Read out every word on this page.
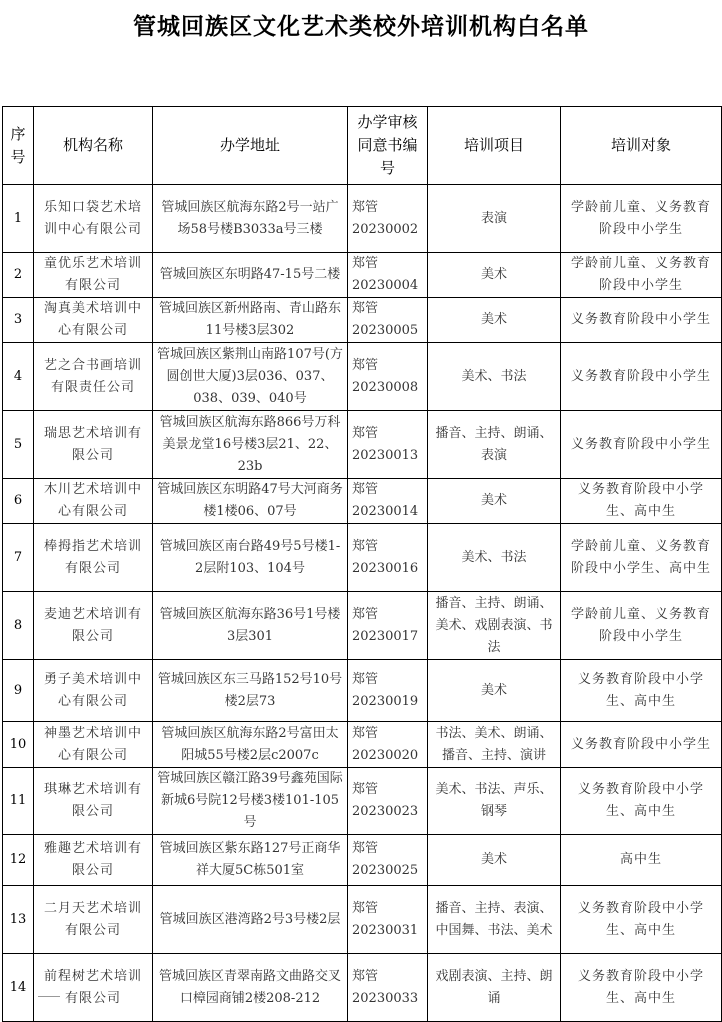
管城回族区文化艺术类校外培训机构白名单
序号	机构名称	办学地址	办学审核同意书编号	培训项目	培训对象
1	乐知口袋艺术培训中心有限公司	管城回族区航海东路2号一站广场58号楼B3033a号三楼	郑管20230002	表演	学龄前儿童、义务教育阶段中小学生
2	童优乐艺术培训有限公司	管城回族区东明路47-15号二楼	郑管20230004	美术	学龄前儿童、义务教育阶段中小学生
3	淘真美术培训中心有限公司	管城回族区新州路南、青山路东11号楼3层302	郑管20230005	美术	义务教育阶段中小学生
4	艺之合书画培训有限责任公司	管城回族区紫荆山南路107号(方圆创世大厦)3层036、037、038、039、040号	郑管20230008	美术、书法	义务教育阶段中小学生
5	瑞思艺术培训有限公司	管城回族区航海东路866号万科美景龙堂16号楼3层21、22、23b	郑管20230013	播音、主持、朗诵、表演	义务教育阶段中小学生
6	木川艺术培训中心有限公司	管城回族区东明路47号大河商务楼1楼06、07号	郑管20230014	美术	义务教育阶段中小学生、高中生
7	棒拇指艺术培训有限公司	管城回族区南台路49号5号楼1-2层附103、104号	郑管20230016	美术、书法	学龄前儿童、义务教育阶段中小学生、高中生
8	麦迪艺术培训有限公司	管城回族区航海东路36号1号楼3层301	郑管20230017	播音、主持、朗诵、美术、戏剧表演、书法	学龄前儿童、义务教育阶段中小学生
9	勇子美术培训中心有限公司	管城回族区东三马路152号10号楼2层73	郑管20230019	美术	义务教育阶段中小学生、高中生
10	神墨艺术培训中心有限公司	管城回族区航海东路2号富田太阳城55号楼2层c2007c	郑管20230020	书法、美术、朗诵、播音、主持、演讲	义务教育阶段中小学生
11	琪琳艺术培训有限公司	管城回族区赣江路39号鑫苑国际新城6号院12号楼3楼101-105号	郑管20230023	美术、书法、声乐、钢琴	义务教育阶段中小学生、高中生
12	雅趣艺术培训有限公司	管城回族区紫东路127号正商华祥大厦5C栋501室	郑管20230025	美术	高中生
13	二月天艺术培训有限公司	管城回族区港湾路2号3号楼2层	郑管20230031	播音、主持、表演、中国舞、书法、美术	义务教育阶段中小学生、高中生
14	前程树艺术培训有限公司	管城回族区青翠南路文曲路交叉口樟园商铺2楼208-212	郑管20230033	戏剧表演、主持、朗诵	义务教育阶段中小学生、高中生
